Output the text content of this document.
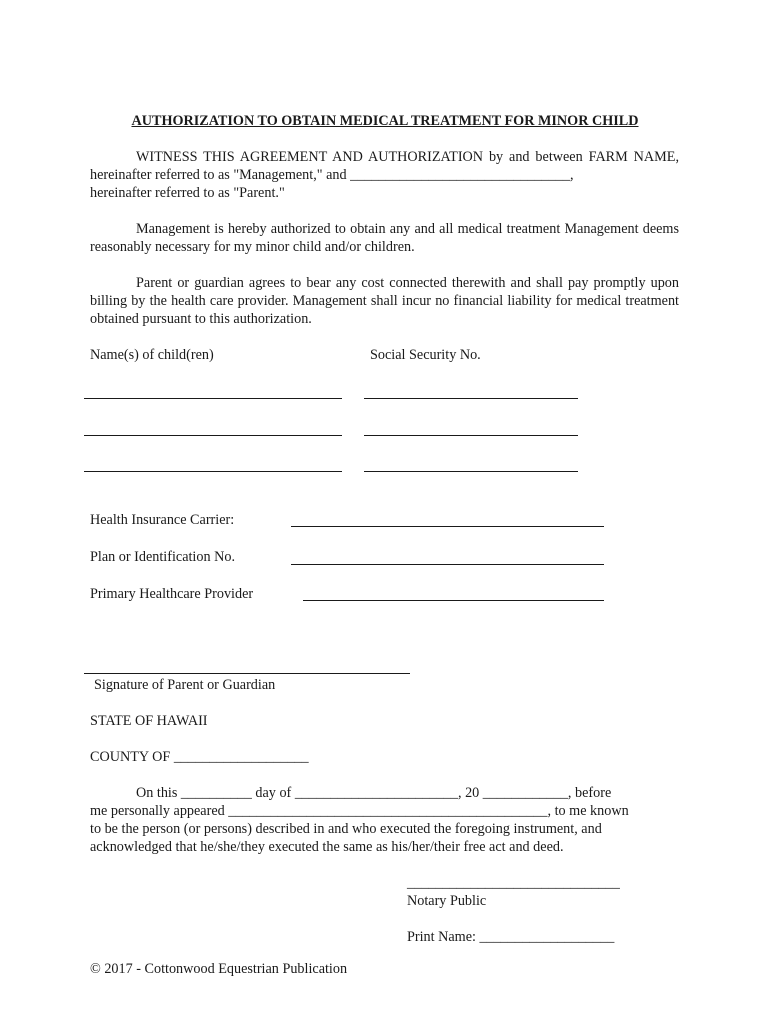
AUTHORIZATION TO OBTAIN MEDICAL TREATMENT FOR MINOR CHILD
WITNESS THIS AGREEMENT AND AUTHORIZATION by and between FARM NAME, hereinafter referred to as "Management," and _______________________________,
hereinafter referred to as "Parent."
Management is hereby authorized to obtain any and all medical treatment Management deems reasonably necessary for my minor child and/or children.
Parent or guardian agrees to bear any cost connected therewith and shall pay promptly upon billing by the health care provider. Management shall incur no financial liability for medical treatment obtained pursuant to this authorization.
Name(s) of child(ren)	Social Security No.
Health Insurance Carrier:
Plan or Identification No.
Primary Healthcare Provider
Signature of Parent or Guardian
STATE OF HAWAII
COUNTY OF ___________________
On this __________ day of _______________________, 20 ____________, before
me personally appeared _____________________________________________, to me known
to be the person (or persons) described in and who executed the foregoing instrument, and
acknowledged that he/she/they executed the same as his/her/their free act and deed.
______________________________
Notary Public
Print Name: ___________________
© 2017 - Cottonwood Equestrian Publication
